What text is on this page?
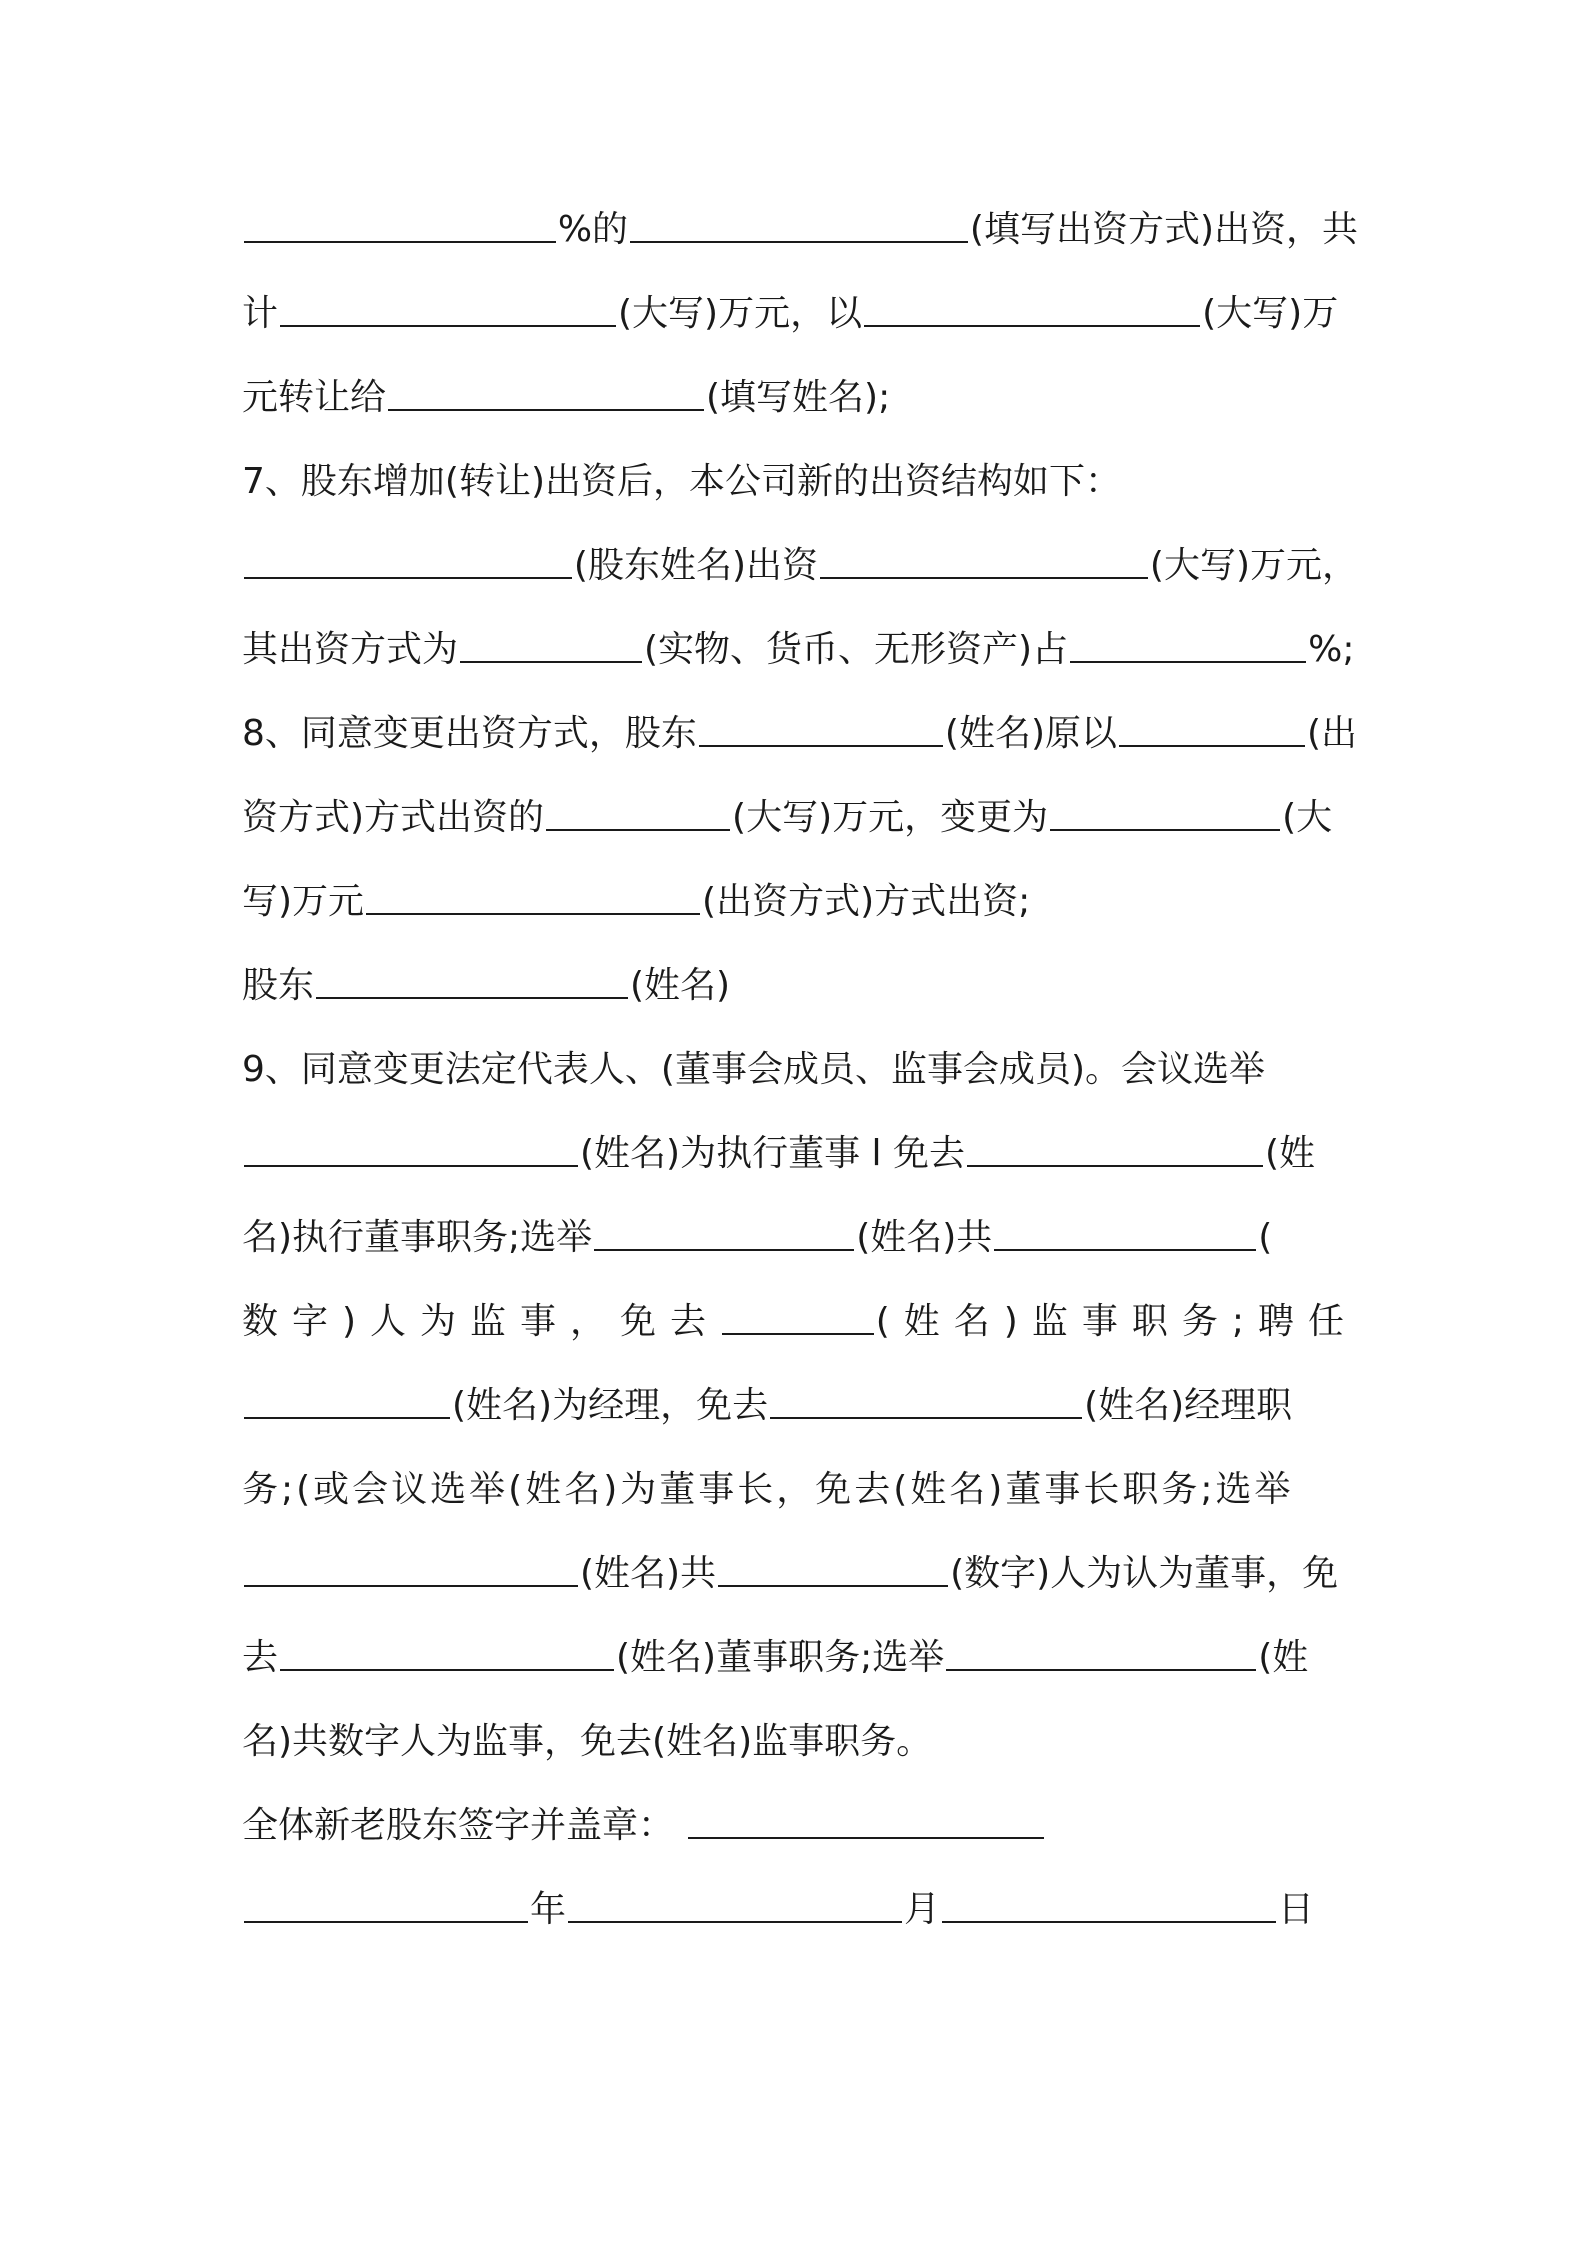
%的	(填写出资方式)出资，共
计	(大写)万元，以	(大写)万
元转让给	(填写姓名);
7、股东增加(转让)出资后，本公司新的出资结构如下：
(股东姓名)出资	(大写)万元，
其出资方式为	(实物、货币、无形资产)占	%;
8、同意变更出资方式，股东	(姓名)原以	(出
资方式)方式出资的	(大写)万元，变更为	(大
写)万元	(出资方式)方式出资;
股东	(姓名)
9、同意变更法定代表人、(董事会成员、监事会成员)。会议选举
(姓名)为执行董事 l 免去	(姓
名)执行董事职务;选举	(姓名)共	(
数字)人为监事，免去	(姓名)监事职务;聘任
(姓名)为经理，免去	(姓名)经理职
务;(或会议选举(姓名)为董事长，免去(姓名)董事长职务;选举
(姓名)共	(数字)人为认为董事，免
去	(姓名)董事职务;选举	(姓
名)共数字人为监事，免去(姓名)监事职务。
全体新老股东签字并盖章：
年	月	日
